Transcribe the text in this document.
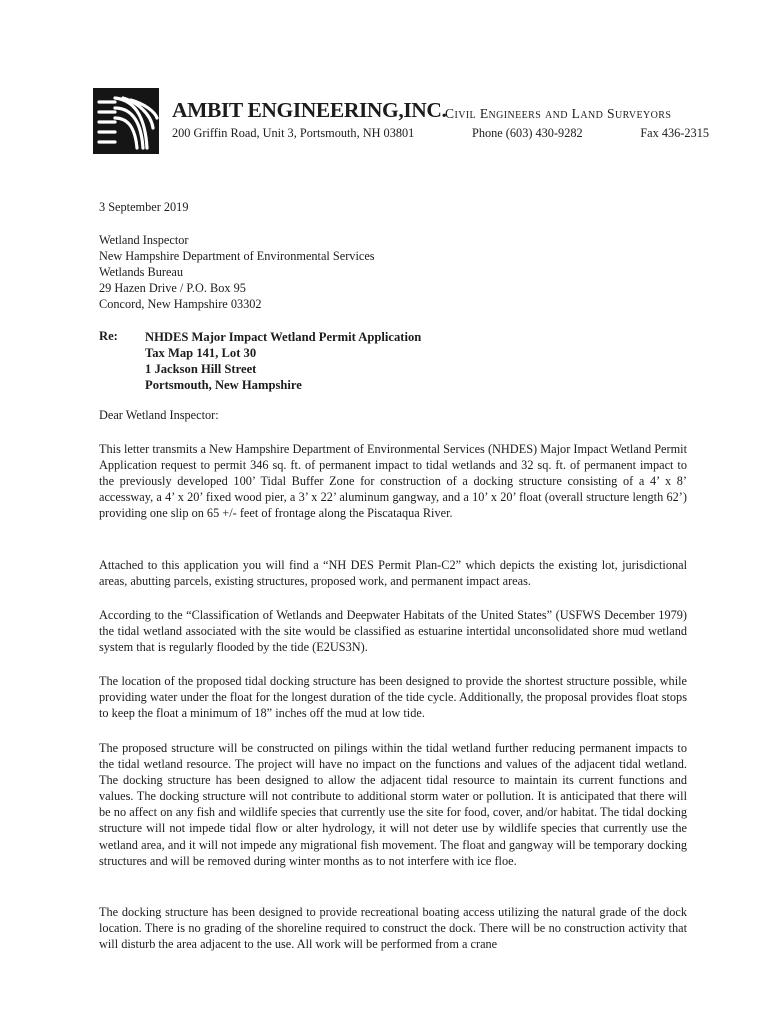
AMBIT ENGINEERING,INC.
Civil Engineers and Land Surveyors
200 Griffin Road, Unit 3, Portsmouth, NH 03801	Phone (603) 430-9282	Fax 436-2315
3 September 2019
Wetland Inspector
New Hampshire Department of Environmental Services
Wetlands Bureau
29 Hazen Drive / P.O. Box 95
Concord, New Hampshire 03302
Re: NHDES Major Impact Wetland Permit Application
Tax Map 141, Lot 30
1 Jackson Hill Street
Portsmouth, New Hampshire
Dear Wetland Inspector:

This letter transmits a New Hampshire Department of Environmental Services (NHDES) Major Impact Wetland Permit Application request to permit 346 sq. ft. of permanent impact to tidal wetlands and 32 sq. ft. of permanent impact to the previously developed 100’ Tidal Buffer Zone for construction of a docking structure consisting of a 4’ x 8’ accessway, a 4’ x 20’ fixed wood pier, a 3’ x 22’ aluminum gangway, and a 10’ x 20’ float (overall structure length 62’) providing one slip on 65 +/- feet of frontage along the Piscataqua River.

Attached to this application you will find a “NH DES Permit Plan-C2” which depicts the existing lot, jurisdictional areas, abutting parcels, existing structures, proposed work, and permanent impact areas.

According to the “Classification of Wetlands and Deepwater Habitats of the United States” (USFWS December 1979) the tidal wetland associated with the site would be classified as estuarine intertidal unconsolidated shore mud wetland system that is regularly flooded by the tide (E2US3N).

The location of the proposed tidal docking structure has been designed to provide the shortest structure possible, while providing water under the float for the longest duration of the tide cycle. Additionally, the proposal provides float stops to keep the float a minimum of 18” inches off the mud at low tide.

The proposed structure will be constructed on pilings within the tidal wetland further reducing permanent impacts to the tidal wetland resource. The project will have no impact on the functions and values of the adjacent tidal wetland. The docking structure has been designed to allow the adjacent tidal resource to maintain its current functions and values. The docking structure will not contribute to additional storm water or pollution. It is anticipated that there will be no affect on any fish and wildlife species that currently use the site for food, cover, and/or habitat. The tidal docking structure will not impede tidal flow or alter hydrology, it will not deter use by wildlife species that currently use the wetland area, and it will not impede any migrational fish movement. The float and gangway will be temporary docking structures and will be removed during winter months as to not interfere with ice floe.

The docking structure has been designed to provide recreational boating access utilizing the natural grade of the dock location. There is no grading of the shoreline required to construct the dock. There will be no construction activity that will disturb the area adjacent to the use. All work will be performed from a crane
